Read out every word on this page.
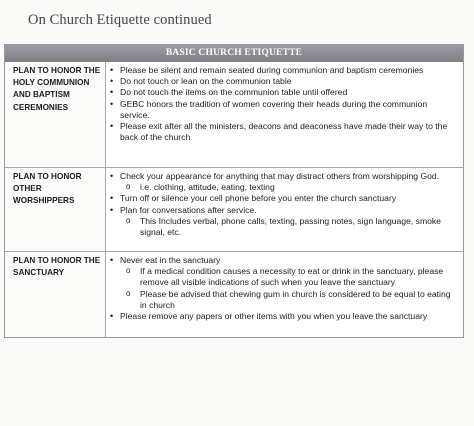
On Church Etiquette continued
BASIC CHURCH ETIQUETTE
PLAN TO HONOR THE HOLY COMMUNION AND BAPTISM CEREMONIES
• Please be silent and remain seated during communion and baptism ceremonies
• Do not touch or lean on the communion table
• Do not touch the items on the communion table until offered
• GEBC honors the tradition of women covering their heads during the communion service.
• Please exit after all the ministers, deacons and deaconess have made their way to the back of the church
PLAN TO HONOR OTHER WORSHIPPERS
• Check your appearance for anything that may distract others from worshipping God.
o i.e. clothing, attitude, eating, texting
• Turn off or silence your cell phone before you enter the church sanctuary
• Plan for conversations after service.
o This Includes verbal, phone calls, texting, passing notes, sign language, smoke signal, etc.
PLAN TO HONOR THE SANCTUARY
• Never eat in the sanctuary
o If a medical condition causes a necessity to eat or drink in the sanctuary, please remove all visible indications of such when you leave the sanctuary
o Please be advised that chewing gum in church is considered to be equal to eating in church
• Please remove any papers or other items with you when you leave the sanctuary
